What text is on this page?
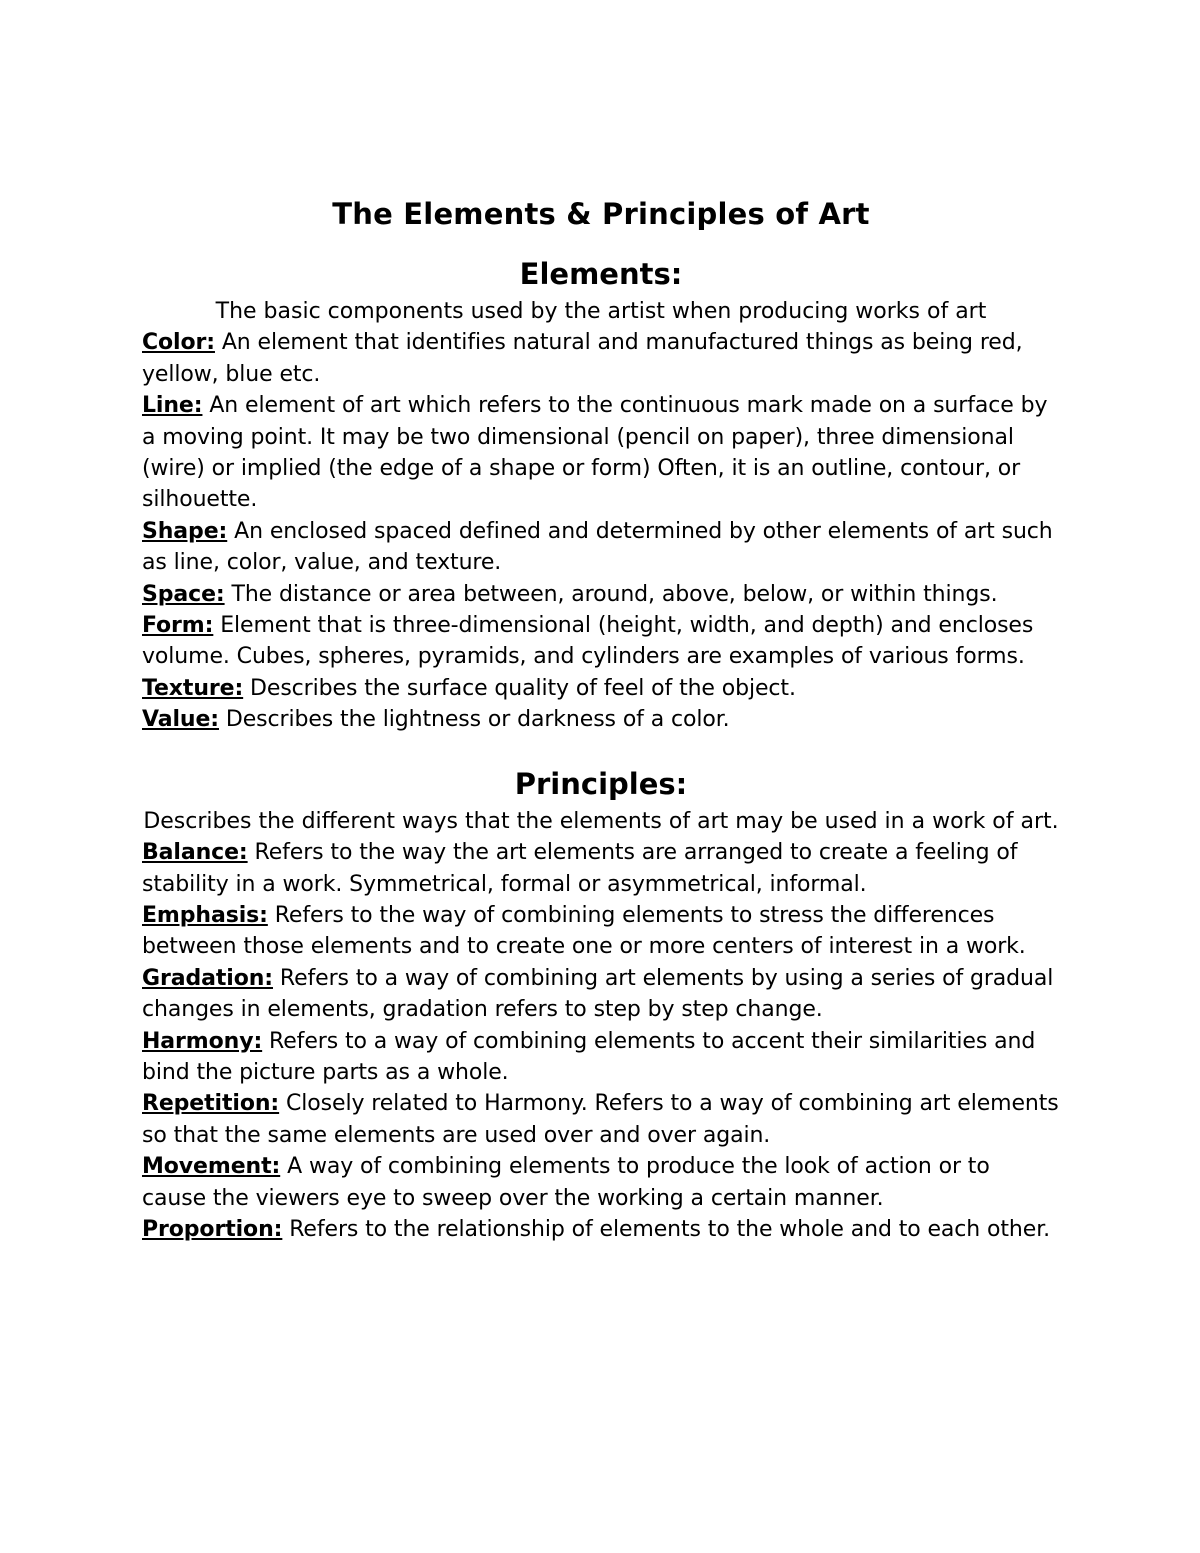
The Elements & Principles of Art
Elements:

The basic components used by the artist when producing works of art

Color: An element that identifies natural and manufactured things as being red, yellow, blue etc.

Line: An element of art which refers to the continuous mark made on a surface by a moving point. It may be two dimensional (pencil on paper), three dimensional (wire) or implied (the edge of a shape or form) Often, it is an outline, contour, or silhouette.

Shape: An enclosed spaced defined and determined by other elements of art such as line, color, value, and texture.

Space: The distance or area between, around, above, below, or within things.

Form: Element that is three-dimensional (height, width, and depth) and encloses volume. Cubes, spheres, pyramids, and cylinders are examples of various forms.

Texture: Describes the surface quality of feel of the object.

Value: Describes the lightness or darkness of a color.

Principles:

Describes the different ways that the elements of art may be used in a work of art.

Balance: Refers to the way the art elements are arranged to create a feeling of stability in a work. Symmetrical, formal or asymmetrical, informal.

Emphasis: Refers to the way of combining elements to stress the differences between those elements and to create one or more centers of interest in a work.

Gradation: Refers to a way of combining art elements by using a series of gradual changes in elements, gradation refers to step by step change.

Harmony: Refers to a way of combining elements to accent their similarities and bind the picture parts as a whole.

Repetition: Closely related to Harmony. Refers to a way of combining art elements so that the same elements are used over and over again.

Movement: A way of combining elements to produce the look of action or to cause the viewers eye to sweep over the working a certain manner.

Proportion: Refers to the relationship of elements to the whole and to each other.
